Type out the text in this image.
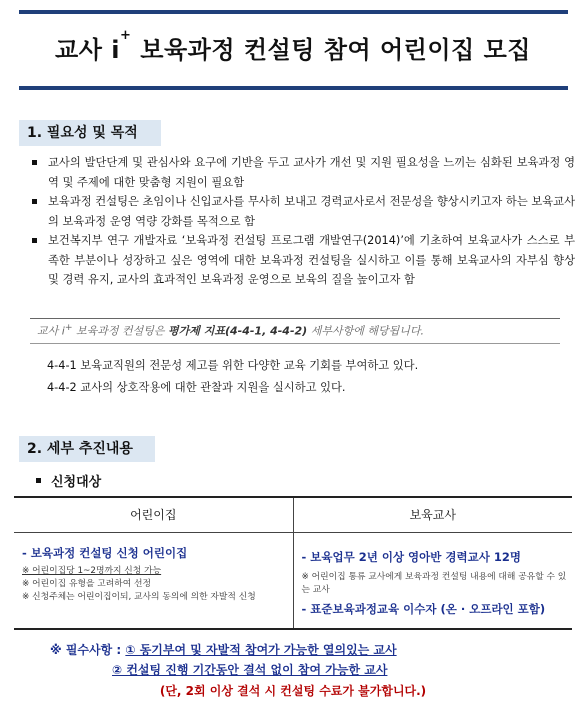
교사 i+ 보육과정 컨설팅 참여 어린이집 모집
1. 필요성 및 목적
교사의 발단단계 및 관심사와 요구에 기반을 두고 교사가 개선 및 지원 필요성을 느끼는 심화된 보육과정 영역 및 주제에 대한 맞춤형 지원이 필요함
보육과정 컨설팅은 초임이나 신입교사를 무사히 보내고 경력교사로서 전문성을 향상시키고자 하는 보육교사의 보육과정 운영 역량 강화를 목적으로 함
보건복지부 연구 개발자료 ‘보육과정 컨설팅 프로그램 개발연구(2014)’에 기초하여 보육교사가 스스로 부족한 부분이나 성장하고 싶은 영역에 대한 보육과정 컨설팅을 실시하고 이를 통해 보육교사의 자부심 향상 및 경력 유지, 교사의 효과적인 보육과정 운영으로 보육의 질을 높이고자 함
교사 i+ 보육과정 컨설팅은 평가제 지표(4-4-1, 4-4-2) 세부사항에 해당됩니다.
4-4-1 보육교직원의 전문성 제고를 위한 다양한 교육 기회를 부여하고 있다.
4-4-2 교사의 상호작용에 대한 관찰과 지원을 실시하고 있다.
2. 세부 추진내용
신청대상
어린이집	보육교사
- 보육과정 컨설팅 신청 어린이집
※ 어린이집당 1~2명까지 신청 가능
※ 어린이집 유형을 고려하여 선정
※ 신청주체는 어린이집이되, 교사의 동의에 의한 자발적 신청
- 보육업무 2년 이상 영아반 경력교사 12명
※ 어린이집 통류 교사에게 보육과정 컨설팅 내용에 대해 공유할 수 있는 교사
- 표준보육과정교육 이수자 (온 · 오프라인 포함)
※ 필수사항 : ① 동기부여 및 자발적 참여가 가능한 열의있는 교사
② 컨설팅 진행 기간동안 결석 없이 참여 가능한 교사
(단, 2회 이상 결석 시 컨설팅 수료가 불가합니다.)
